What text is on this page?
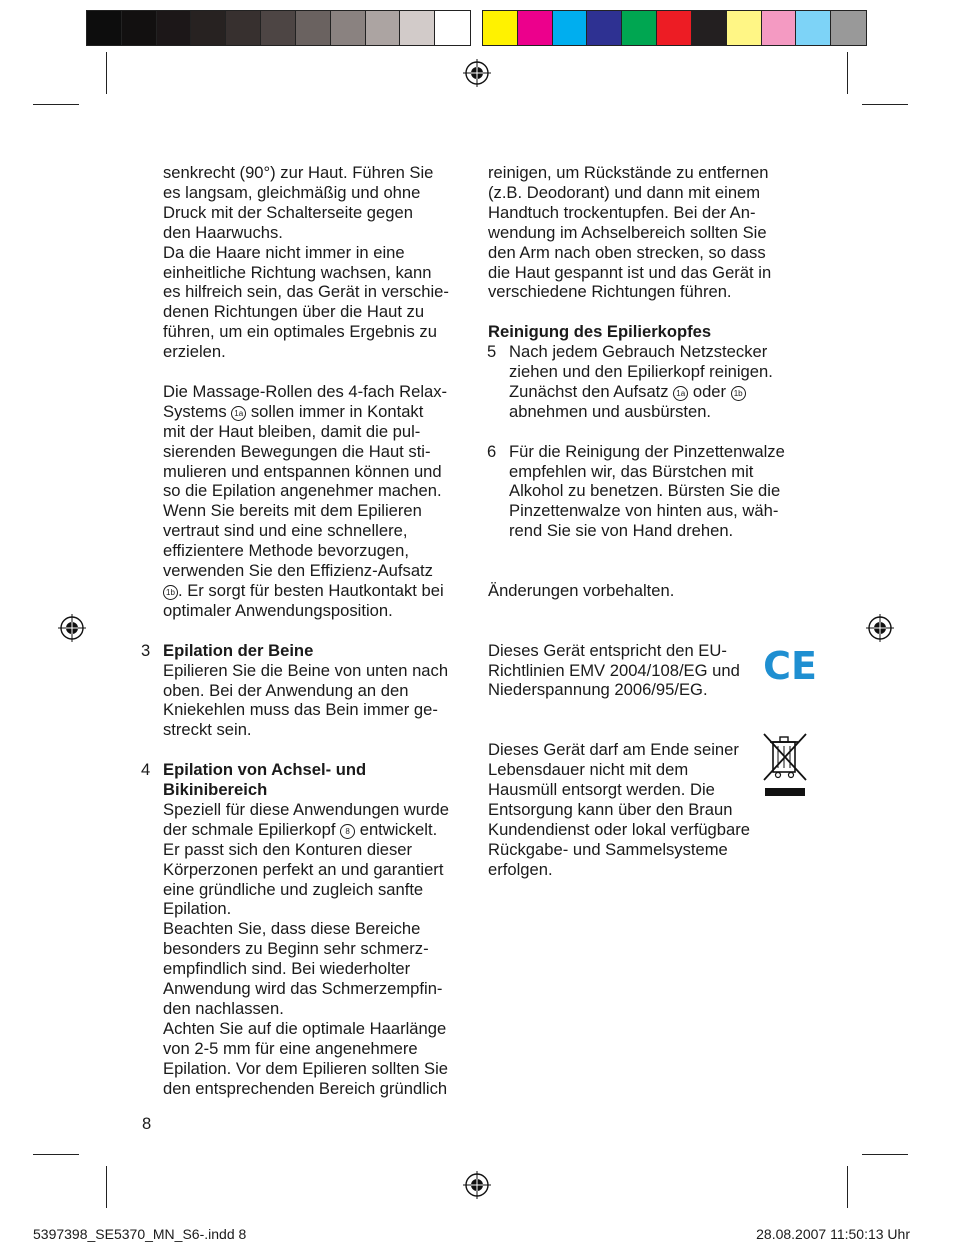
senkrecht (90°) zur Haut. Führen Sie
es langsam, gleichmäßig und ohne
Druck mit der Schalterseite gegen
den Haarwuchs.
Da die Haare nicht immer in eine
einheitliche Richtung wachsen, kann
es hilfreich sein, das Gerät in verschie-
denen Richtungen über die Haut zu
führen, um ein optimales Ergebnis zu
erzielen.
Die Massage-Rollen des 4-fach Relax-
Systems 1a sollen immer in Kontakt
mit der Haut bleiben, damit die pul-
sierenden Bewegungen die Haut sti-
mulieren und entspannen können und
so die Epilation angenehmer machen.
Wenn Sie bereits mit dem Epilieren
vertraut sind und eine schnellere,
effizientere Methode bevorzugen,
verwenden Sie den Effizienz-Aufsatz
1b . Er sorgt für besten Hautkontakt bei
optimaler Anwendungsposition.
3 Epilation der Beine
Epilieren Sie die Beine von unten nach
oben. Bei der Anwendung an den
Kniekehlen muss das Bein immer ge-
streckt sein.
4 Epilation von Achsel- und
Bikinibereich
Speziell für diese Anwendungen wurde
der schmale Epilierkopf 8 entwickelt.
Er passt sich den Konturen dieser
Körperzonen perfekt an und garantiert
eine gründliche und zugleich sanfte
Epilation.
Beachten Sie, dass diese Bereiche
besonders zu Beginn sehr schmerz-
empfindlich sind. Bei wiederholter
Anwendung wird das Schmerzempfin-
den nachlassen.
Achten Sie auf die optimale Haarlänge
von 2-5 mm für eine angenehmere
Epilation. Vor dem Epilieren sollten Sie
den entsprechenden Bereich gründlich
reinigen, um Rückstände zu entfernen
(z.B. Deodorant) und dann mit einem
Handtuch trockentupfen. Bei der An-
wendung im Achselbereich sollten Sie
den Arm nach oben strecken, so dass
die Haut gespannt ist und das Gerät in
verschiedene Richtungen führen.
Reinigung des Epilierkopfes
5 Nach jedem Gebrauch Netzstecker
ziehen und den Epilierkopf reinigen.
Zunächst den Aufsatz 1a oder 1b
abnehmen und ausbürsten.
6 Für die Reinigung der Pinzettenwalze
empfehlen wir, das Bürstchen mit
Alkohol zu benetzen. Bürsten Sie die
Pinzettenwalze von hinten aus, wäh-
rend Sie sie von Hand drehen.
Änderungen vorbehalten.
Dieses Gerät entspricht den EU-
Richtlinien EMV 2004/108/EG und
Niederspannung 2006/95/EG.
CE
Dieses Gerät darf am Ende seiner
Lebensdauer nicht mit dem
Hausmüll entsorgt werden. Die
Entsorgung kann über den Braun
Kundendienst oder lokal verfügbare
Rückgabe- und Sammelsysteme
erfolgen.
8
5397398_SE5370_MN_S6-.indd 8	28.08.2007 11:50:13 Uhr
